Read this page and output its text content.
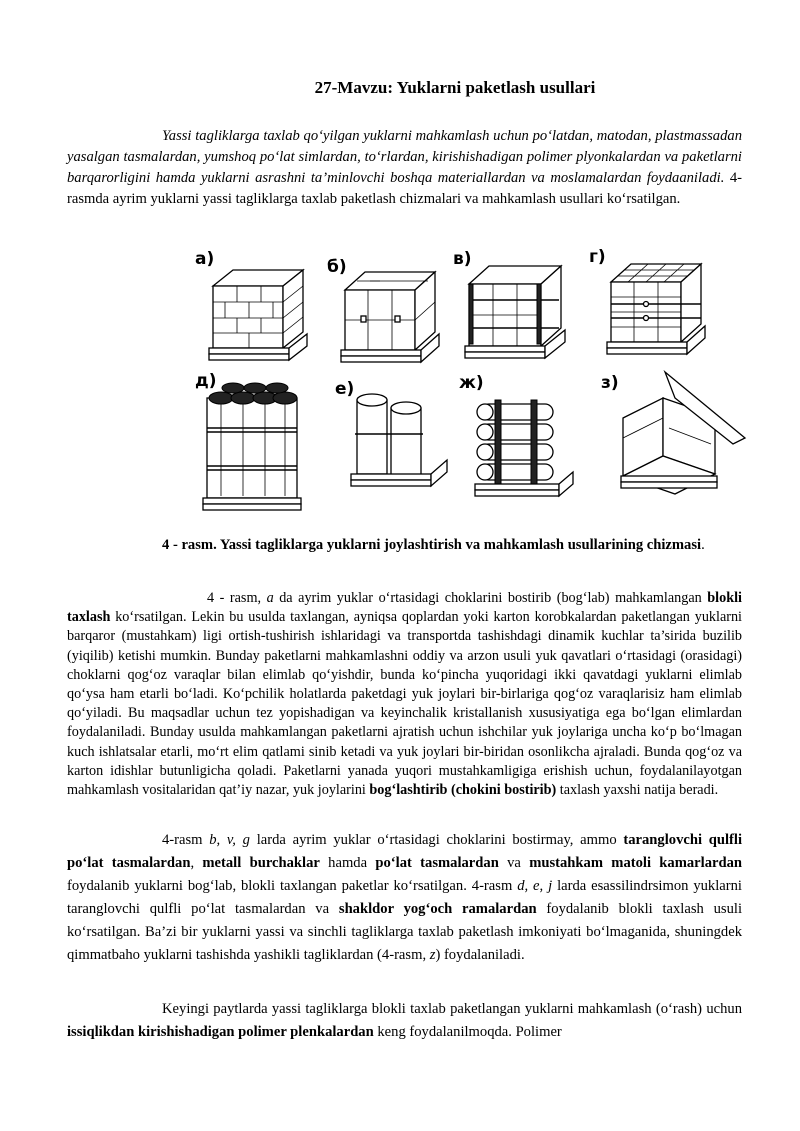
27-Mavzu: Yuklarni paketlash usullari
Yassi tagliklarga taxlab qo‘yilgan yuklarni mahkamlash uchun po‘latdan, matodan, plastmassadan yasalgan tasmalardan, yumshoq po‘lat simlardan, to‘rlardan, kirishishadigan polimer plyonkalardan va paketlarni barqarorligini hamda yuklarni asrashni ta’minlovchi boshqa materiallardan va moslamalardan foydaaniladi. 4-rasmda ayrim yuklarni yassi tagliklarga taxlab paketlash chizmalari va mahkamlash usullari ko‘rsatilgan.
а)	б)	в)	г)
д)	е)	ж)	з)
4 - rasm. Yassi tagliklarga yuklarni joylashtirish va mahkamlash usullarining chizmasi.
4 - rasm, a da ayrim yuklar o‘rtasidagi choklarini bostirib (bog‘lab) mahkamlangan blokli taxlash ko‘rsatilgan. Lekin bu usulda taxlangan, ayniqsa qoplardan yoki karton korobkalardan paketlangan yuklarni barqaror (mustahkam) ligi ortish-tushirish ishlaridagi va transportda tashishdagi dinamik kuchlar ta’sirida buzilib (yiqilib) ketishi mumkin. Bunday paketlarni mahkamlashni oddiy va arzon usuli yuk qavatlari o‘rtasidagi (orasidagi) choklarni qog‘oz varaqlar bilan elimlab qo‘yishdir, bunda ko‘pincha yuqoridagi ikki qavatdagi yuklarni elimlab qo‘ysa ham etarli bo‘ladi. Ko‘pchilik holatlarda paketdagi yuk joylari bir-birlariga qog‘oz varaqlarisiz ham elimlab qo‘yiladi. Bu maqsadlar uchun tez yopishadigan va keyinchalik kristallanish xususiyatiga ega bo‘lgan elimlardan foydalaniladi. Bunday usulda mahkamlangan paketlarni ajratish uchun ishchilar yuk joylariga uncha ko‘p bo‘lmagan kuch ishlatsalar etarli, mo‘rt elim qatlami sinib ketadi va yuk joylari bir-biridan osonlikcha ajraladi. Bunda qog‘oz va karton idishlar butunligicha qoladi. Paketlarni yanada yuqori mustahkamligiga erishish uchun, foydalanilayotgan mahkamlash vositalaridan qat’iy nazar, yuk joylarini bog‘lashtirib (chokini bostirib) taxlash yaxshi natija beradi.
4-rasm b, v, g larda ayrim yuklar o‘rtasidagi choklarini bostirmay, ammo taranglovchi qulfli po‘lat tasmalardan, metall burchaklar hamda po‘lat tasmalardan va mustahkam matoli kamarlardan foydalanib yuklarni bog‘lab, blokli taxlangan paketlar ko‘rsatilgan. 4-rasm d, e, j larda esassilindrsimon yuklarni taranglovchi qulfli po‘lat tasmalardan va shakldor yog‘och ramalardan foydalanib blokli taxlash usuli ko‘rsatilgan. Ba’zi bir yuklarni yassi va sinchli tagliklarga taxlab paketlash imkoniyati bo‘lmaganida, shuningdek qimmatbaho yuklarni tashishda yashikli tagliklardan (4-rasm, z) foydalaniladi.
Keyingi paytlarda yassi tagliklarga blokli taxlab paketlangan yuklarni mahkamlash (o‘rash) uchun issiqlikdan kirishishadigan polimer plenkalardan keng foydalanilmoqda. Polimer
